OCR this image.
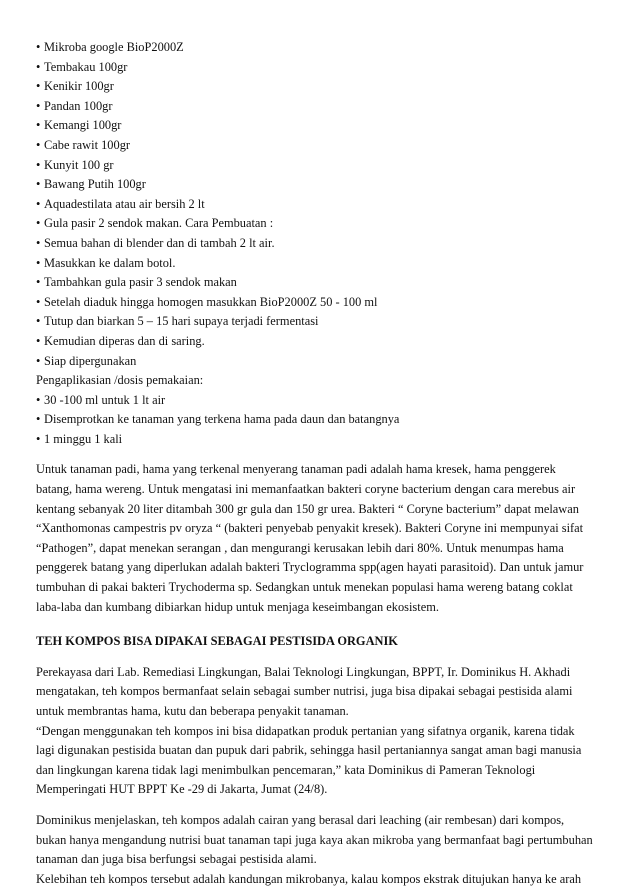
• Mikroba google BioP2000Z
• Tembakau 100gr
• Kenikir 100gr
• Pandan 100gr
• Kemangi 100gr
• Cabe rawit 100gr
• Kunyit 100 gr
• Bawang Putih 100gr
• Aquadestilata atau air bersih 2 lt
• Gula pasir 2 sendok makan. Cara Pembuatan :
• Semua bahan di blender dan di tambah 2 lt air.
• Masukkan ke dalam botol.
• Tambahkan gula pasir 3 sendok makan
• Setelah diaduk hingga homogen masukkan BioP2000Z 50 - 100 ml
• Tutup dan biarkan 5 – 15 hari supaya terjadi fermentasi
• Kemudian diperas dan di saring.
• Siap dipergunakan

Pengaplikasian /dosis pemakaian:

• 30 -100 ml untuk 1 lt air
• Disemprotkan ke tanaman yang terkena hama pada daun dan batangnya
• 1 minggu 1 kali
Untuk tanaman padi, hama yang terkenal menyerang tanaman padi adalah hama kresek, hama penggerek
batang, hama wereng. Untuk mengatasi ini memanfaatkan bakteri coryne bacterium dengan cara merebus air
kentang sebanyak 20 liter ditambah 300 gr gula dan 150 gr urea. Bakteri “ Coryne bacterium” dapat melawan
“Xanthomonas campestris pv oryza “ (bakteri penyebab penyakit kresek). Bakteri Coryne ini mempunyai sifat
“Pathogen”, dapat menekan serangan , dan mengurangi kerusakan lebih dari 80%. Untuk menumpas hama
penggerek batang yang diperlukan adalah bakteri Tryclogramma spp(agen hayati parasitoid). Dan untuk jamur
tumbuhan di pakai bakteri Trychoderma sp. Sedangkan untuk menekan populasi hama wereng batang coklat
laba-laba dan kumbang dibiarkan hidup untuk menjaga keseimbangan ekosistem.

TEH KOMPOS BISA DIPAKAI SEBAGAI PESTISIDA ORGANIK

Perekayasa dari Lab. Remediasi Lingkungan, Balai Teknologi Lingkungan, BPPT, Ir. Dominikus H. Akhadi
mengatakan, teh kompos bermanfaat selain sebagai sumber nutrisi, juga bisa dipakai sebagai pestisida alami
untuk membrantas hama, kutu dan beberapa penyakit tanaman.
“Dengan menggunakan teh kompos ini bisa didapatkan produk pertanian yang sifatnya organik, karena tidak
lagi digunakan pestisida buatan dan pupuk dari pabrik, sehingga hasil pertaniannya sangat aman bagi manusia
dan lingkungan karena tidak lagi menimbulkan pencemaran,” kata Dominikus di Pameran Teknologi
Memperingati HUT BPPT Ke -29 di Jakarta, Jumat (24/8).
Dominikus menjelaskan, teh kompos adalah cairan yang berasal dari leaching (air rembesan) dari kompos,
bukan hanya mengandung nutrisi buat tanaman tapi juga kaya akan mikroba yang bermanfaat bagi pertumbuhan
tanaman dan juga bisa berfungsi sebagai pestisida alami.
Kelebihan teh kompos tersebut adalah kandungan mikrobanya, kalau kompos ekstrak ditujukan hanya ke arah
